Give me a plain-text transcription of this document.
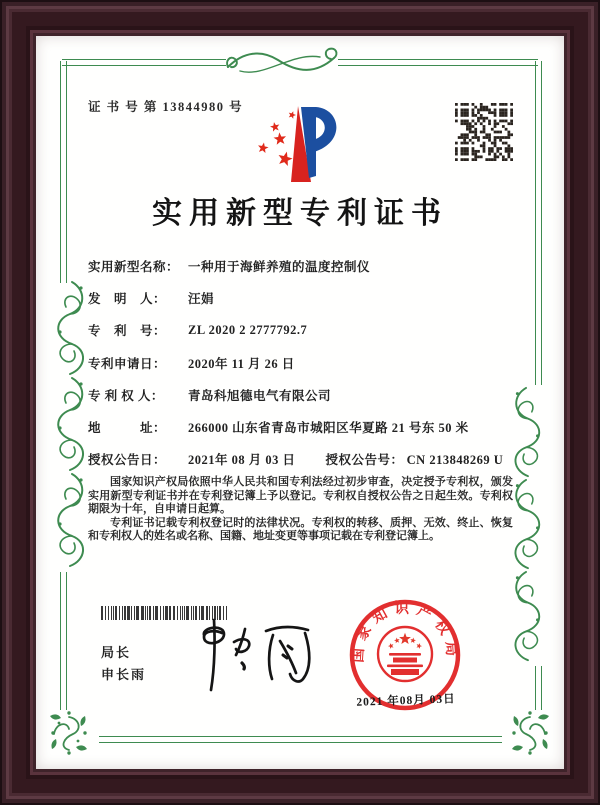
证 书 号 第 13844980 号
实用新型专利证书
实用新型名称： 一种用于海鲜养殖的温度控制仪
发　明　人：	汪娟
专　利　号：	ZL 2020 2 2777792.7
专利申请日：	2020年 11 月 26 日
专 利 权 人：	青岛科旭德电气有限公司
地　　　址：	266000 山东省青岛市城阳区华夏路 21 号东 50 米
授权公告日：	2021年 08 月 03 日 授权公告号： CN 213848269 U

国家知识产权局依照中华人民共和国专利法经过初步审查，决定授予专利权，颁发实用新型专利证书并在专利登记簿上予以登记。专利权自授权公告之日起生效。专利权期限为十年，自申请日起算。

专利证书记载专利权登记时的法律状况。专利权的转移、质押、无效、终止、恢复和专利权人的姓名或名称、国籍、地址变更等事项记载在专利登记簿上。

局长
申长雨
国家知识产权局
2021 年08月 03日
